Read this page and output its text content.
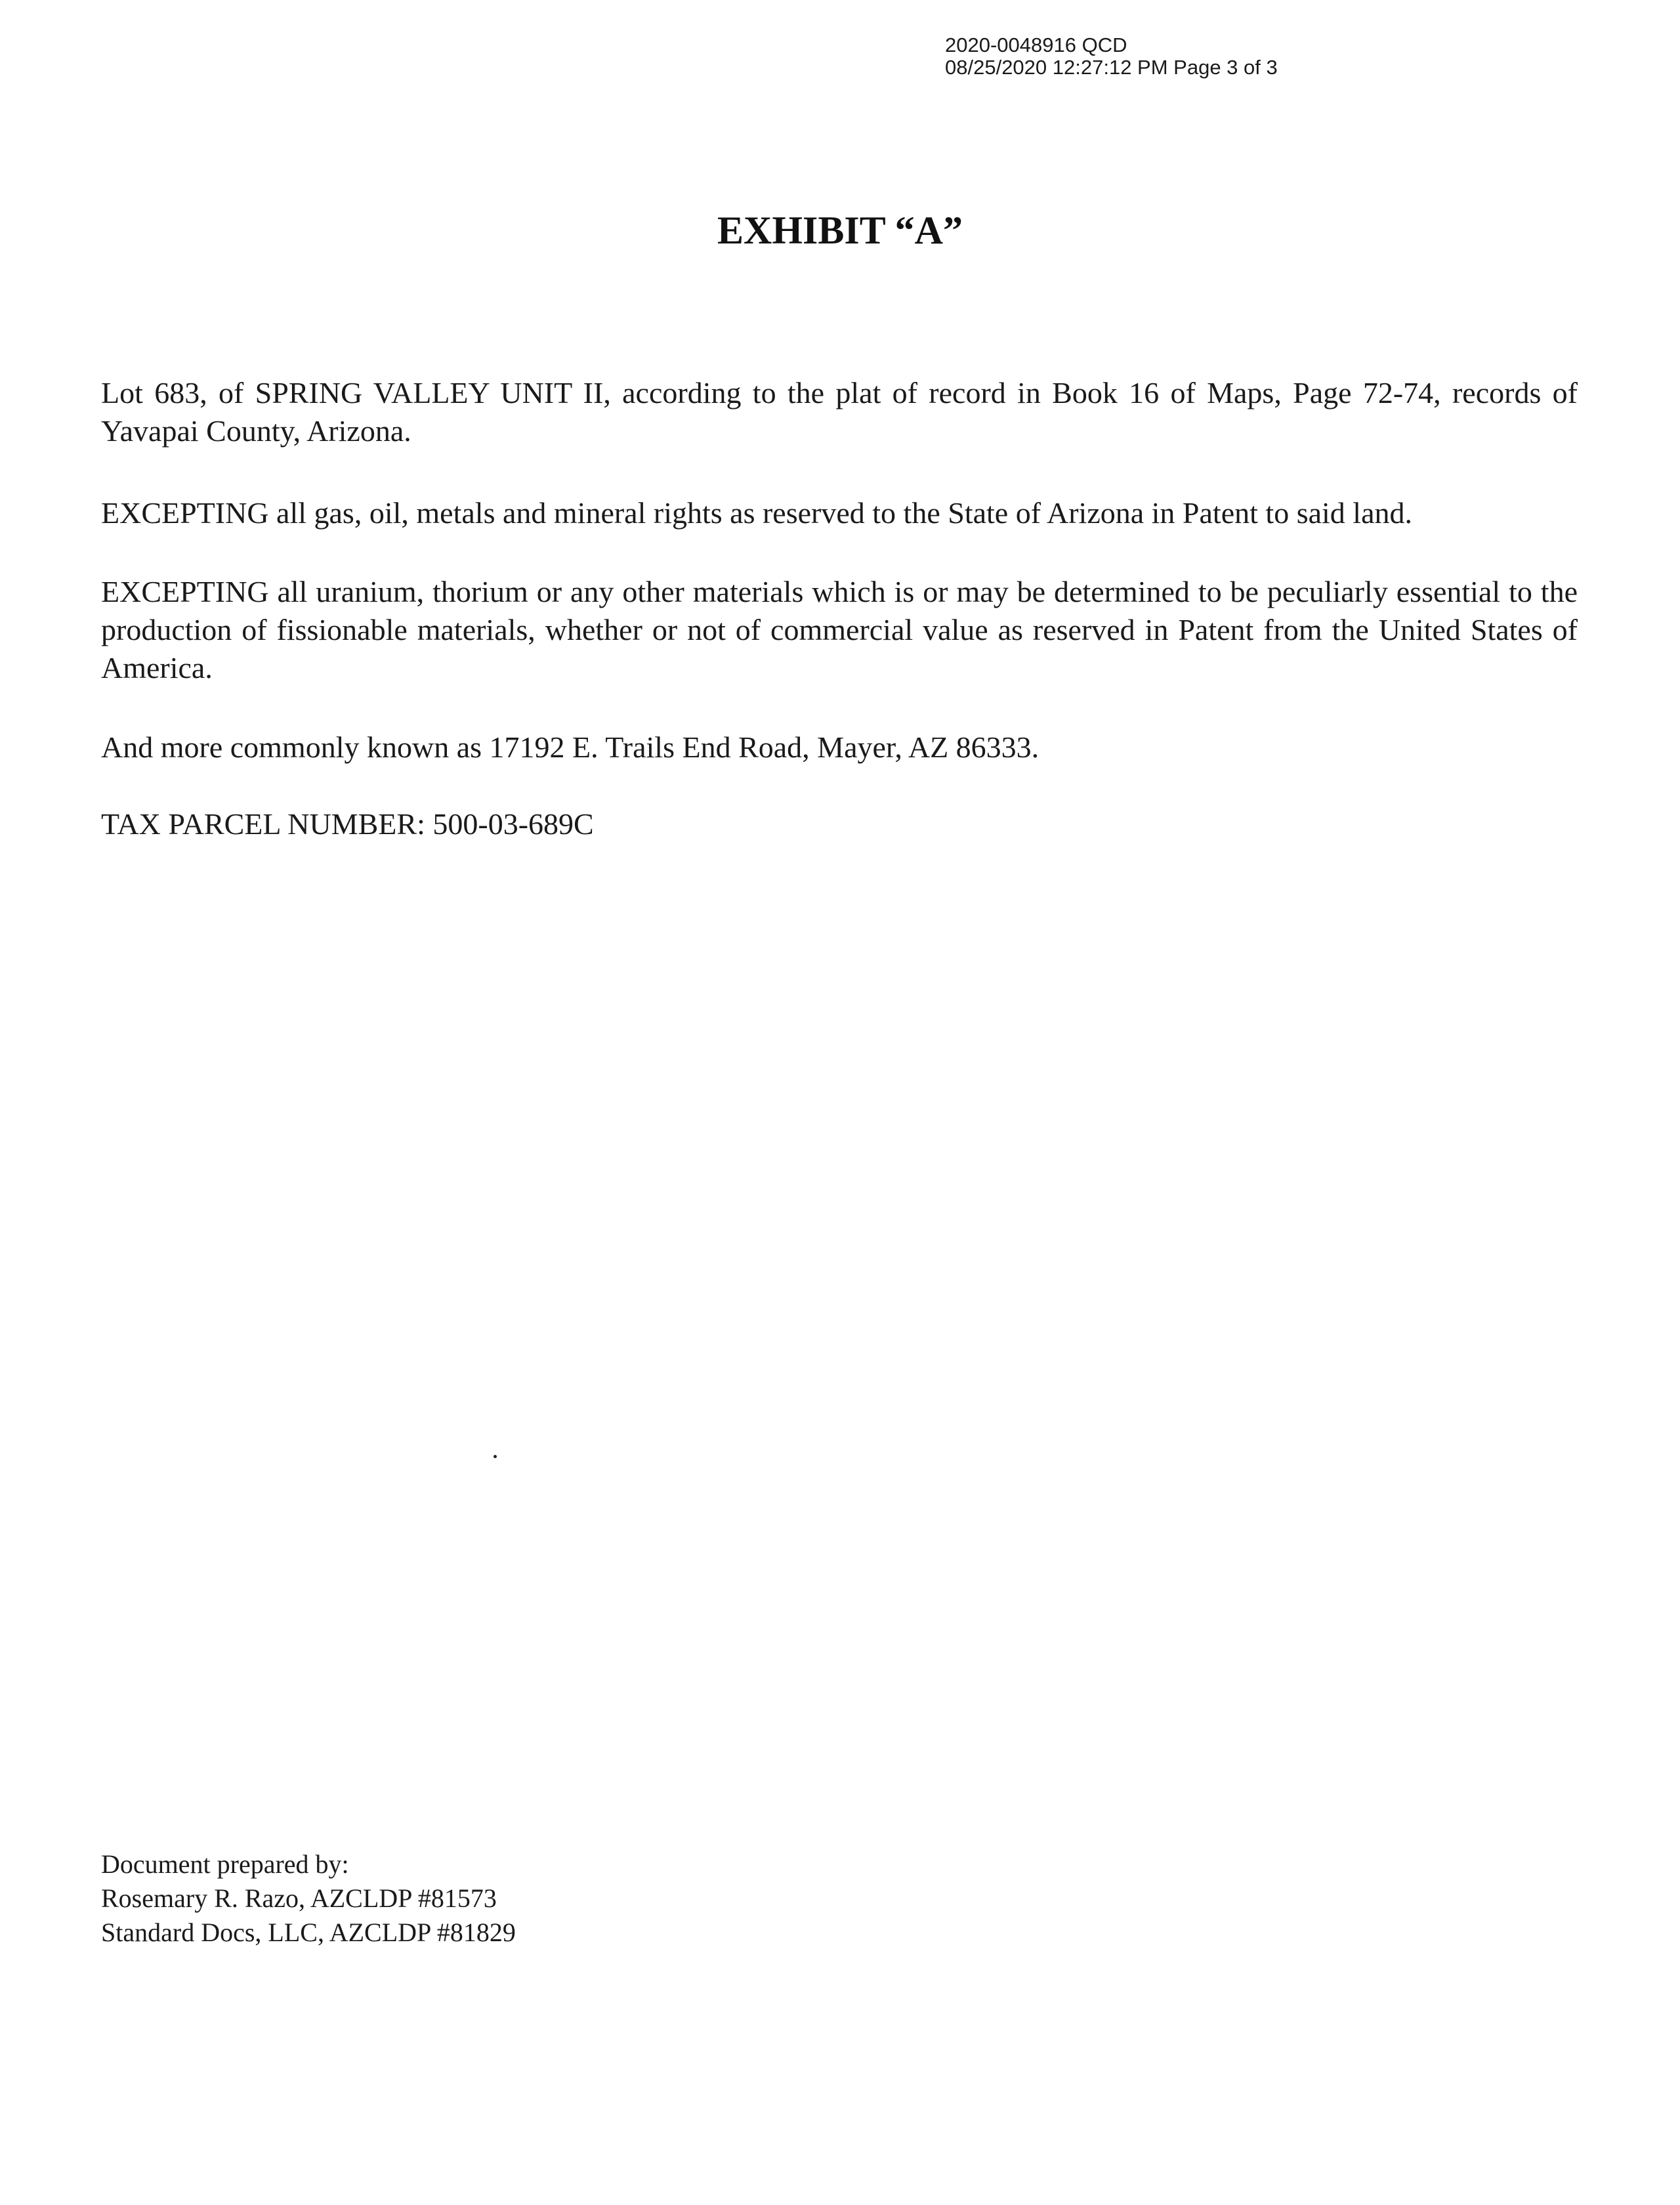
2020-0048916 QCD
08/25/2020 12:27:12 PM Page 3 of 3
EXHIBIT “A”

Lot 683, of SPRING VALLEY UNIT II, according to the plat of record in Book 16 of Maps, Page 72-74, records of Yavapai County, Arizona.

EXCEPTING all gas, oil, metals and mineral rights as reserved to the State of Arizona in Patent to said land.

EXCEPTING all uranium, thorium or any other materials which is or may be determined to be peculiarly essential to the production of fissionable materials, whether or not of commercial value as reserved in Patent from the United States of America.

And more commonly known as 17192 E. Trails End Road, Mayer, AZ 86333.

TAX PARCEL NUMBER: 500-03-689C

Document prepared by:
Rosemary R. Razo, AZCLDP #81573
Standard Docs, LLC, AZCLDP #81829
